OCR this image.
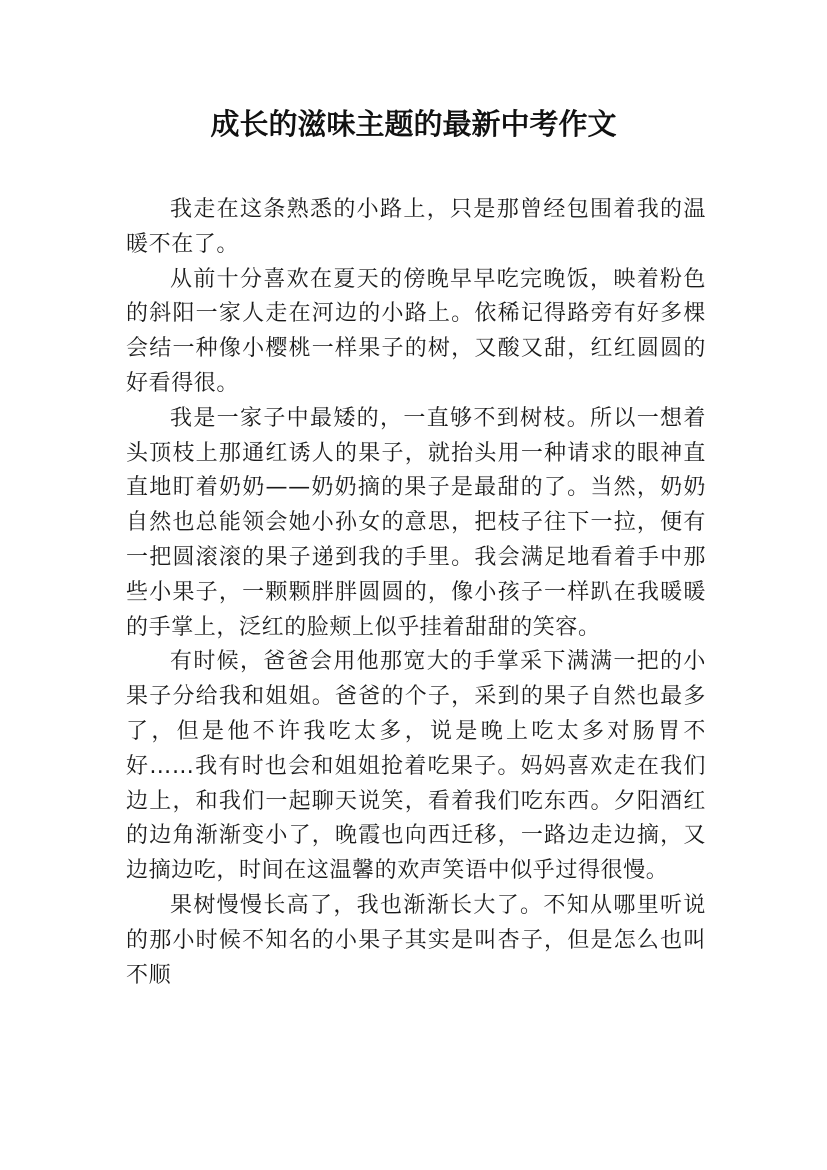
成长的滋味主题的最新中考作文

我走在这条熟悉的小路上，只是那曾经包围着我的温暖不在了。

从前十分喜欢在夏天的傍晚早早吃完晚饭，映着粉色的斜阳一家人走在河边的小路上。依稀记得路旁有好多棵会结一种像小樱桃一样果子的树，又酸又甜，红红圆圆的好看得很。

我是一家子中最矮的，一直够不到树枝。所以一想着头顶枝上那通红诱人的果子，就抬头用一种请求的眼神直直地盯着奶奶——奶奶摘的果子是最甜的了。当然，奶奶自然也总能领会她小孙女的意思，把枝子往下一拉，便有一把圆滚滚的果子递到我的手里。我会满足地看着手中那些小果子，一颗颗胖胖圆圆的，像小孩子一样趴在我暖暖的手掌上，泛红的脸颊上似乎挂着甜甜的笑容。

有时候，爸爸会用他那宽大的手掌采下满满一把的小果子分给我和姐姐。爸爸的个子，采到的果子自然也最多了，但是他不许我吃太多，说是晚上吃太多对肠胃不好……我有时也会和姐姐抢着吃果子。妈妈喜欢走在我们边上，和我们一起聊天说笑，看着我们吃东西。夕阳酒红的边角渐渐变小了，晚霞也向西迁移，一路边走边摘，又边摘边吃，时间在这温馨的欢声笑语中似乎过得很慢。

果树慢慢长高了，我也渐渐长大了。不知从哪里听说的那小时候不知名的小果子其实是叫杏子，但是怎么也叫不顺
